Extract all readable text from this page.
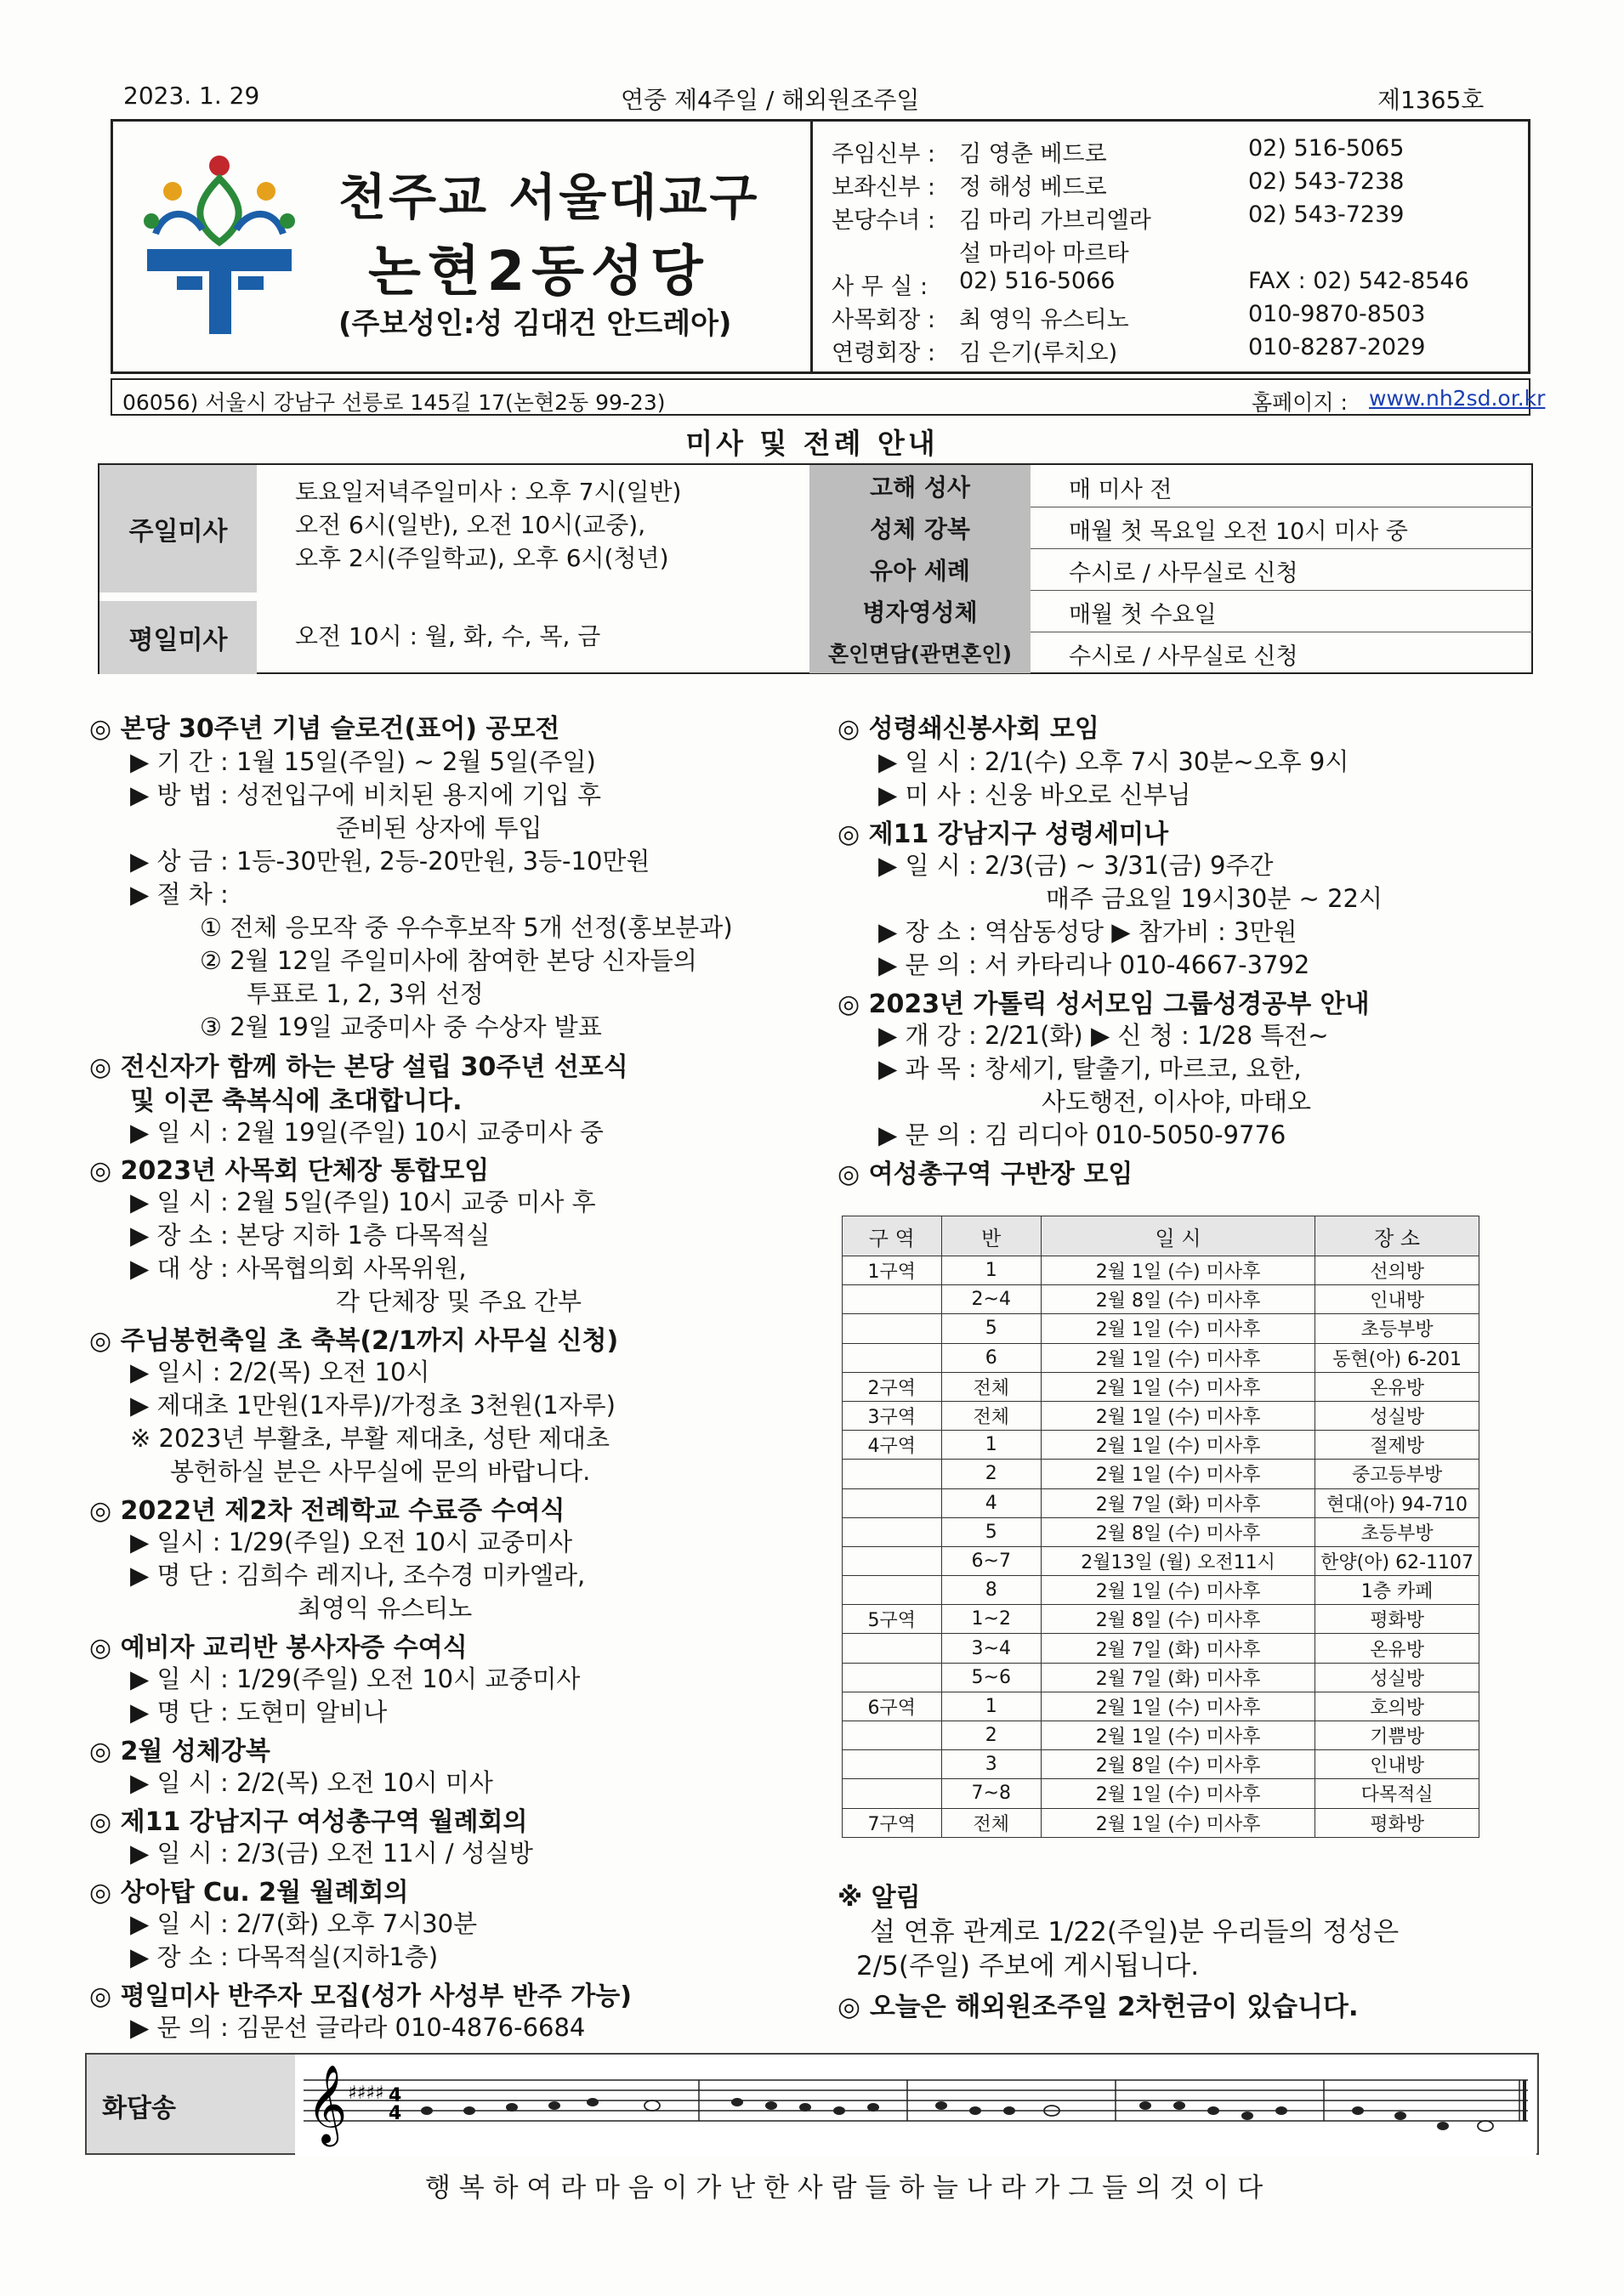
2023. 1. 29	연중 제4주일 / 해외원조주일	제1365호
천주교 서울대교구
논현2동성당
(주보성인:성 김대건 안드레아)
주임신부 : 김 영춘 베드로	02) 516-5065
보좌신부 : 정 해성 베드로	02) 543-7238
본당수녀 : 김 마리 가브리엘라	02) 543-7239
설 마리아 마르타
사 무 실 : 02) 516-5066	FAX : 02) 542-8546
사목회장 : 최 영익 유스티노	010-9870-8503
연령회장 : 김 은기(루치오)	010-8287-2029
06056) 서울시 강남구 선릉로 145길 17(논현2동 99-23)	홈페이지 : www.nh2sd.or.kr
미사 및 전례 안내
주일미사
토요일저녁주일미사 : 오후 7시(일반)
오전 6시(일반), 오전 10시(교중),
오후 2시(주일학교), 오후 6시(청년)
평일미사	오전 10시 : 월, 화, 수, 목, 금
고해 성사	매 미사 전
성체 강복	매월 첫 목요일 오전 10시 미사 중
유아 세례	수시로 / 사무실로 신청
병자영성체	매월 첫 수요일
혼인면담(관면혼인)	수시로 / 사무실로 신청
◎ 본당 30주년 기념 슬로건(표어) 공모전
▶ 기 간 : 1월 15일(주일) ~ 2월 5일(주일)
▶ 방 법 : 성전입구에 비치된 용지에 기입 후
준비된 상자에 투입
▶ 상 금 : 1등-30만원, 2등-20만원, 3등-10만원
▶ 절 차 :
① 전체 응모작 중 우수후보작 5개 선정(홍보분과)
② 2월 12일 주일미사에 참여한 본당 신자들의
투표로 1, 2, 3위 선정
③ 2월 19일 교중미사 중 수상자 발표
◎ 전신자가 함께 하는 본당 설립 30주년 선포식
및 이콘 축복식에 초대합니다.
▶ 일 시 : 2월 19일(주일) 10시 교중미사 중
◎ 2023년 사목회 단체장 통합모임
▶ 일 시 : 2월 5일(주일) 10시 교중 미사 후
▶ 장 소 : 본당 지하 1층 다목적실
▶ 대 상 : 사목협의회 사목위원,
각 단체장 및 주요 간부
◎ 주님봉헌축일 초 축복(2/1까지 사무실 신청)
▶ 일시 : 2/2(목) 오전 10시
▶ 제대초 1만원(1자루)/가정초 3천원(1자루)
※ 2023년 부활초, 부활 제대초, 성탄 제대초
봉헌하실 분은 사무실에 문의 바랍니다.
◎ 2022년 제2차 전례학교 수료증 수여식
▶ 일시 : 1/29(주일) 오전 10시 교중미사
▶ 명 단 : 김희수 레지나, 조수경 미카엘라,
최영익 유스티노
◎ 예비자 교리반 봉사자증 수여식
▶ 일 시 : 1/29(주일) 오전 10시 교중미사
▶ 명 단 : 도현미 알비나
◎ 2월 성체강복
▶ 일 시 : 2/2(목) 오전 10시 미사
◎ 제11 강남지구 여성총구역 월례회의
▶ 일 시 : 2/3(금) 오전 11시 / 성실방
◎ 상아탑 Cu. 2월 월례회의
▶ 일 시 : 2/7(화) 오후 7시30분
▶ 장 소 : 다목적실(지하1층)
◎ 평일미사 반주자 모집(성가 사성부 반주 가능)
▶ 문 의 : 김문선 글라라 010-4876-6684
◎ 성령쇄신봉사회 모임
▶ 일 시 : 2/1(수) 오후 7시 30분~오후 9시
▶ 미 사 : 신웅 바오로 신부님
◎ 제11 강남지구 성령세미나
▶ 일 시 : 2/3(금) ~ 3/31(금) 9주간
매주 금요일 19시30분 ~ 22시
▶ 장 소 : 역삼동성당 ▶ 참가비 : 3만원
▶ 문 의 : 서 카타리나 010-4667-3792
◎ 2023년 가톨릭 성서모임 그룹성경공부 안내
▶ 개 강 : 2/21(화) ▶ 신 청 : 1/28 특전~
▶ 과 목 : 창세기, 탈출기, 마르코, 요한,
사도행전, 이사야, 마태오
▶ 문 의 : 김 리디아 010-5050-9776
◎ 여성총구역 구반장 모임
구 역	반	일 시	장 소
1구역	1	2월 1일 (수) 미사후	선의방
	2~4	2월 8일 (수) 미사후	인내방
	5	2월 1일 (수) 미사후	초등부방
	6	2월 1일 (수) 미사후	동현(아) 6-201
2구역	전체	2월 1일 (수) 미사후	온유방
3구역	전체	2월 1일 (수) 미사후	성실방
4구역	1	2월 1일 (수) 미사후	절제방
	2	2월 1일 (수) 미사후	중고등부방
	4	2월 7일 (화) 미사후	현대(아) 94-710
	5	2월 8일 (수) 미사후	초등부방
	6~7	2월13일 (월) 오전11시	한양(아) 62-1107
	8	2월 1일 (수) 미사후	1층 카페
5구역	1~2	2월 8일 (수) 미사후	평화방
	3~4	2월 7일 (화) 미사후	온유방
	5~6	2월 7일 (화) 미사후	성실방
6구역	1	2월 1일 (수) 미사후	호의방
	2	2월 1일 (수) 미사후	기쁨방
	3	2월 8일 (수) 미사후	인내방
	7~8	2월 1일 (수) 미사후	다목적실
7구역	전체	2월 1일 (수) 미사후	평화방
※ 알림
설 연휴 관계로 1/22(주일)분 우리들의 정성은
2/5(주일) 주보에 게시됩니다.
◎ 오늘은 해외원조주일 2차헌금이 있습니다.
화답송 𝄞 ♯♯♯♯ 4
4
행 복 하 여 라 마 음 이 가 난 한 사 람 들 하 늘 나 라 가 그 들 의 것 이 다
